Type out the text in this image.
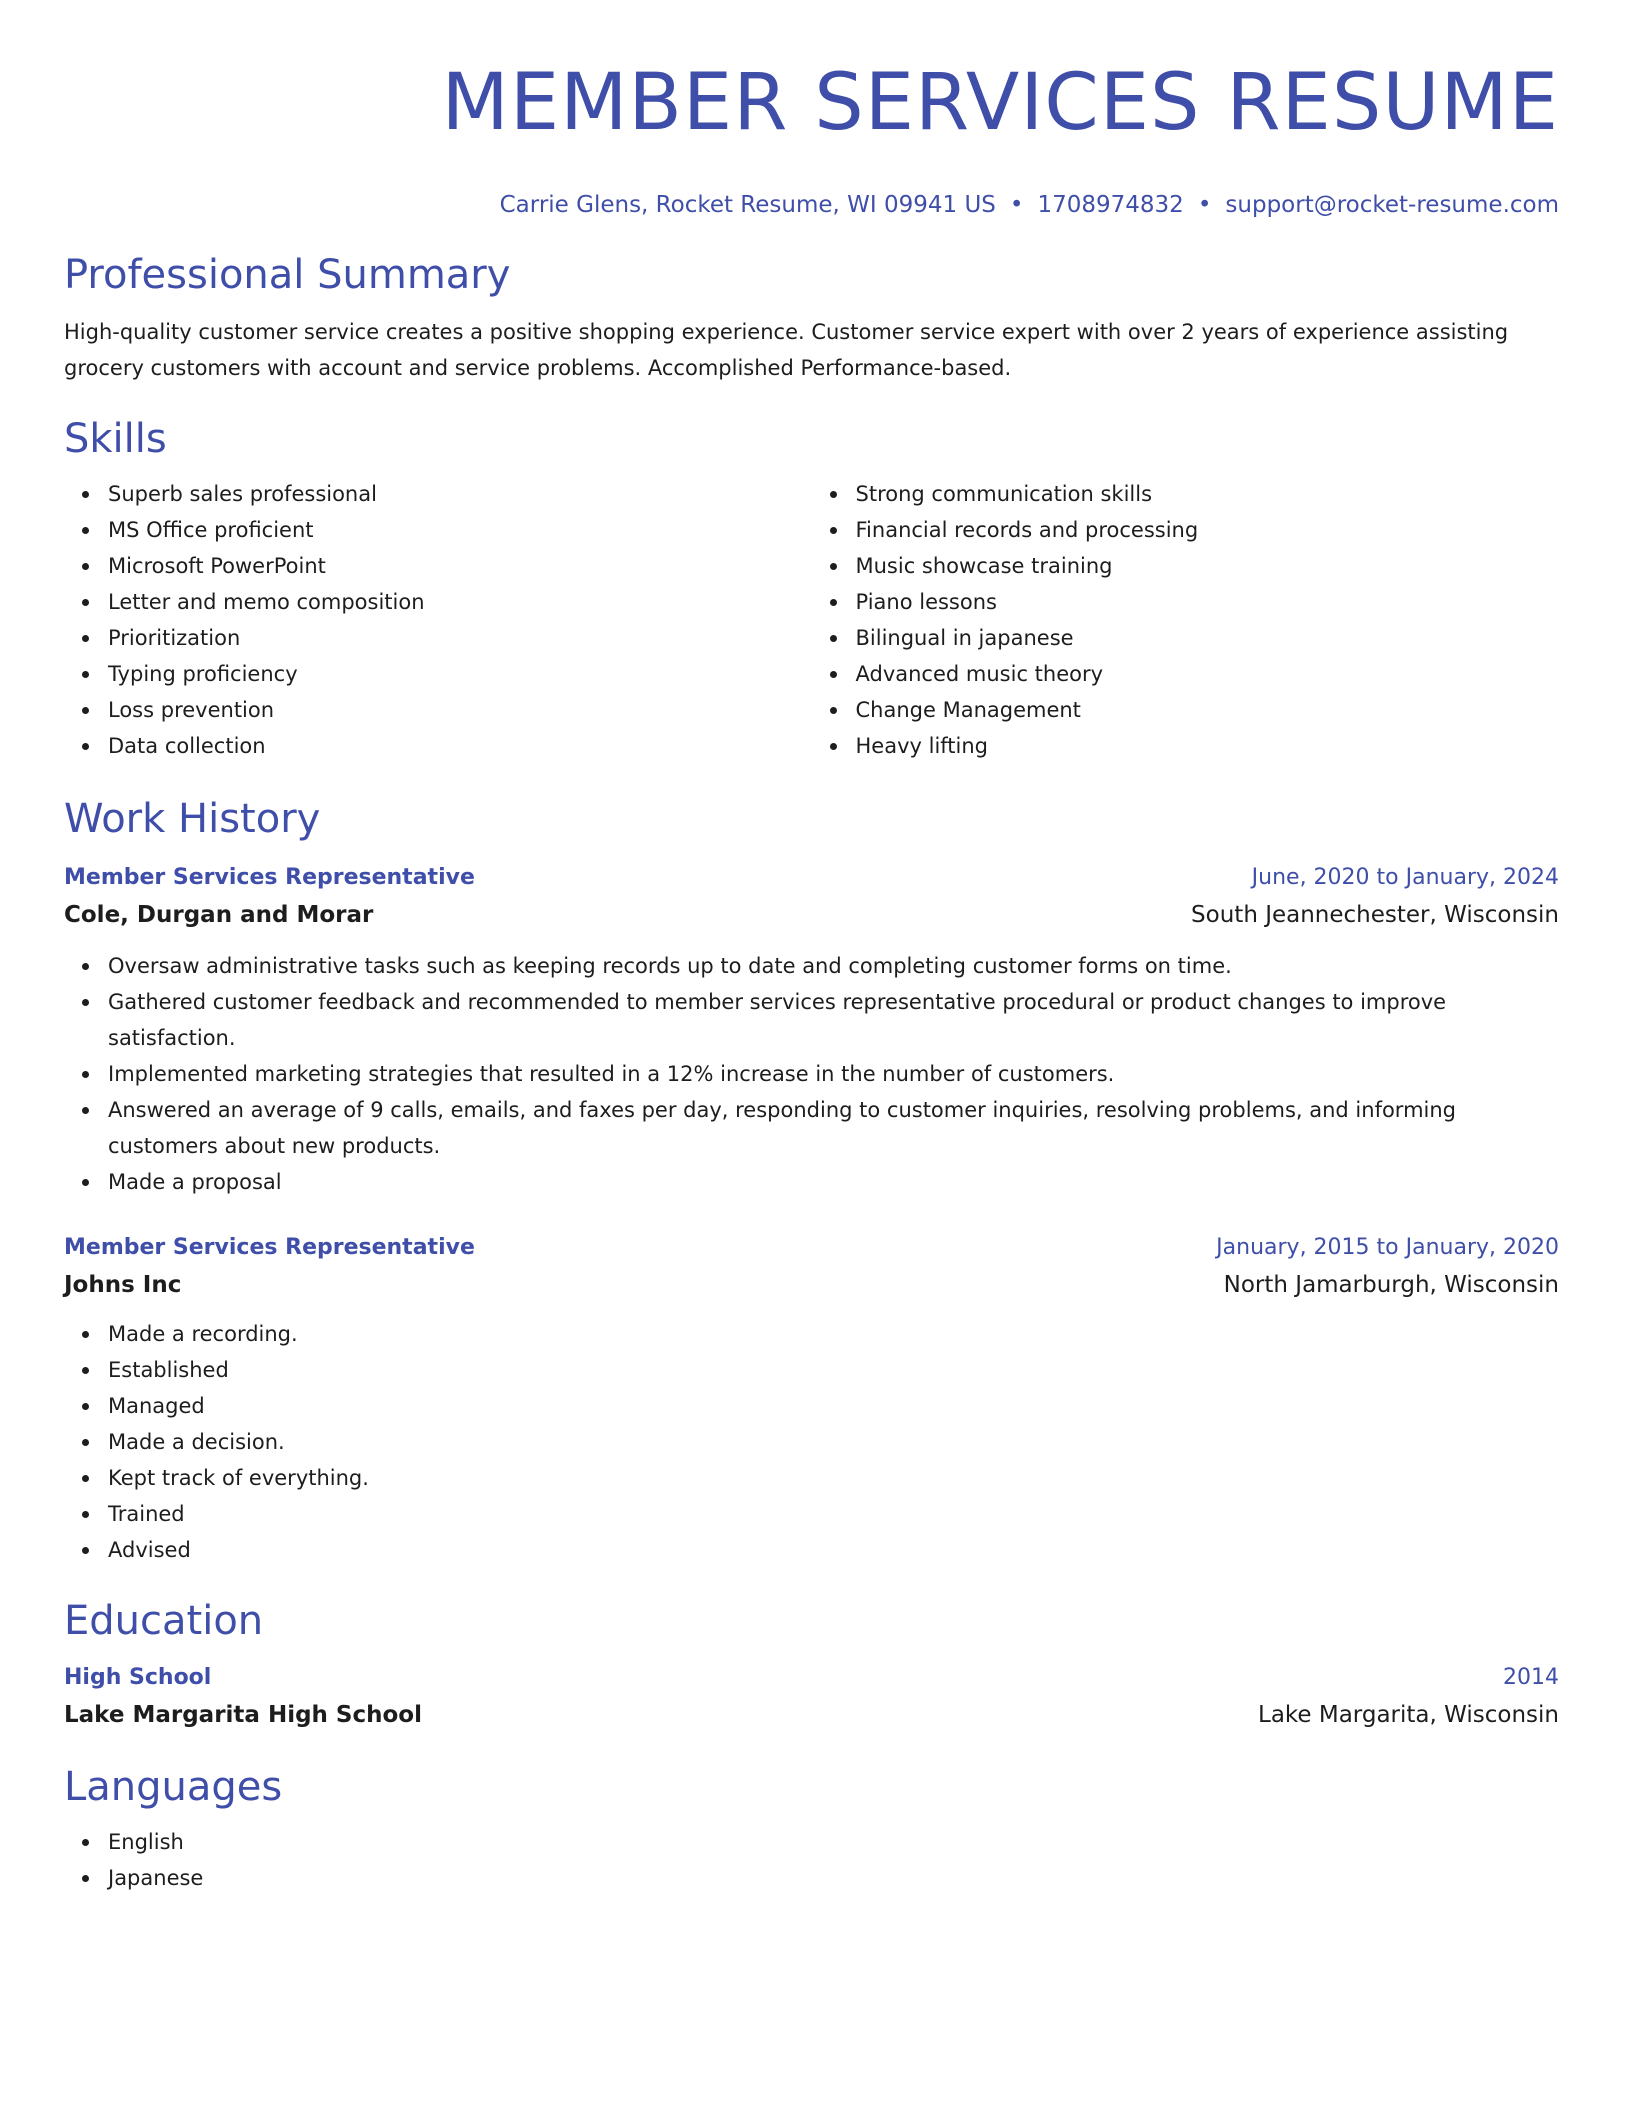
MEMBER SERVICES RESUME
Carrie Glens, Rocket Resume, WI 09941 US • 1708974832 • support@rocket-resume.com
Professional Summary

High-quality customer service creates a positive shopping experience. Customer service expert with over 2 years of experience assisting grocery customers with account and service problems. Accomplished Performance-based.

Skills
Superb sales professional
MS Office proficient
Microsoft PowerPoint
Letter and memo composition
Prioritization
Typing proficiency
Loss prevention
Data collection
Strong communication skills
Financial records and processing
Music showcase training
Piano lessons
Bilingual in japanese
Advanced music theory
Change Management
Heavy lifting
Work History
Member Services Representative	June, 2020 to January, 2024
Cole, Durgan and Morar	South Jeannechester, Wisconsin
Oversaw administrative tasks such as keeping records up to date and completing customer forms on time.
Gathered customer feedback and recommended to member services representative procedural or product changes to improve satisfaction.
Implemented marketing strategies that resulted in a 12% increase in the number of customers.
Answered an average of 9 calls, emails, and faxes per day, responding to customer inquiries, resolving problems, and informing customers about new products.
Made a proposal
Member Services Representative	January, 2015 to January, 2020
Johns Inc	North Jamarburgh, Wisconsin
Made a recording.
Established
Managed
Made a decision.
Kept track of everything.
Trained
Advised
Education
High School	2014
Lake Margarita High School	Lake Margarita, Wisconsin
Languages
English
Japanese
